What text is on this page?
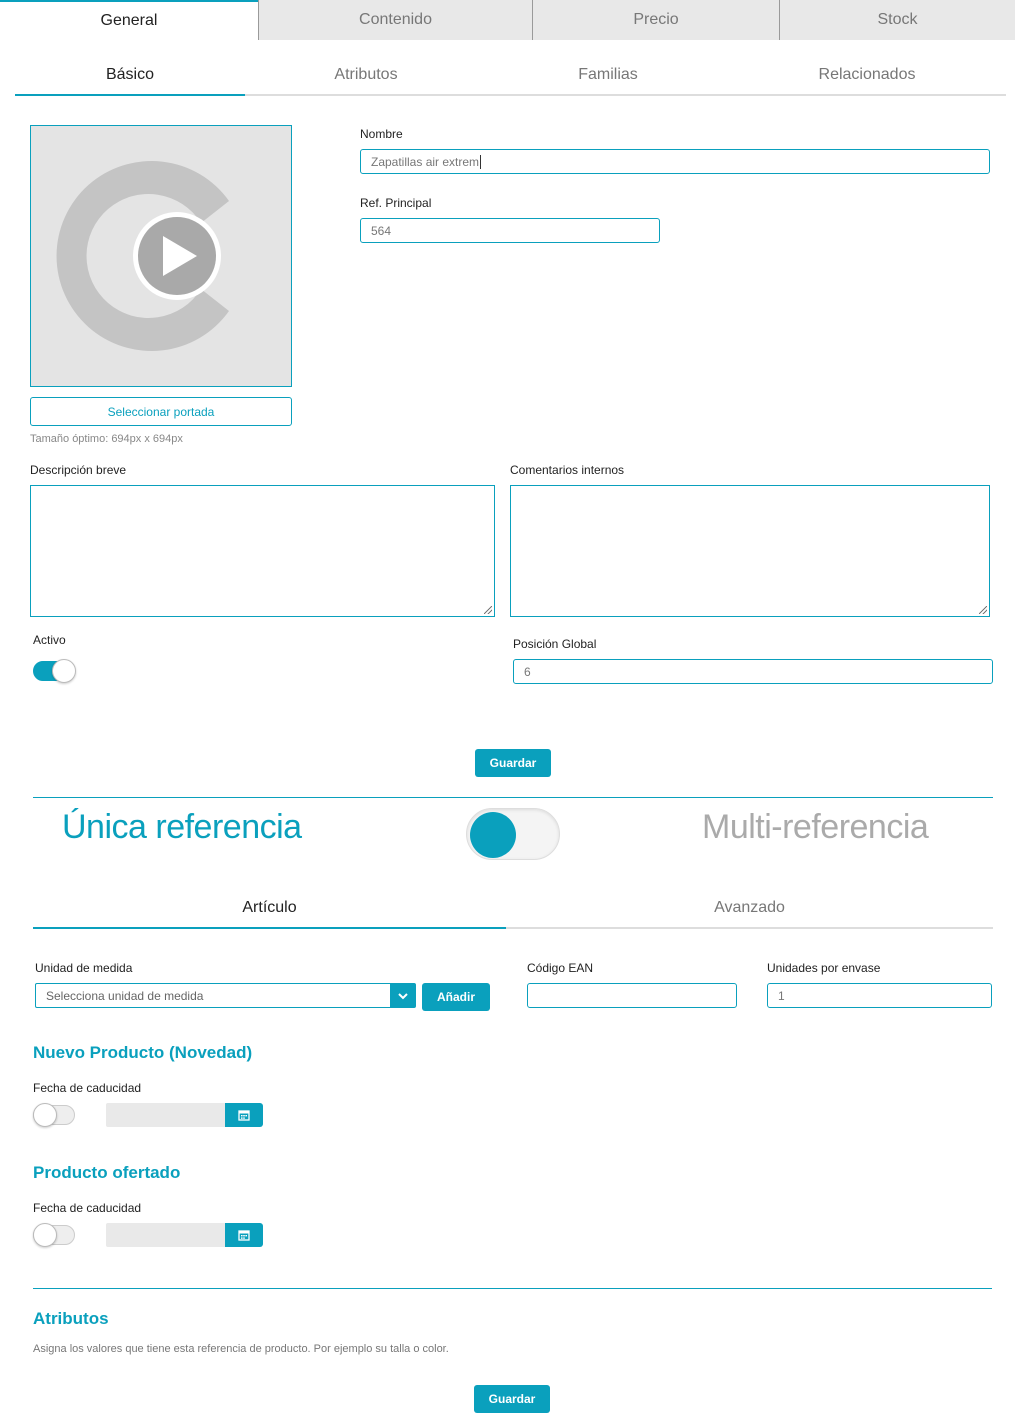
General	Contenido	Precio	Stock
Básico	Atributos	Familias	Relacionados
Seleccionar portada
Tamaño óptimo: 694px x 694px
Nombre
Zapatillas air extrem
Ref. Principal
564
Descripción breve	Comentarios internos
Activo	Posición Global
6
Guardar
Única referencia	Multi-referencia
Artículo	Avanzado
Unidad de medida
Selecciona unidad de medida	Añadir
Código EAN	Unidades por envase
1
Nuevo Producto (Novedad)
Fecha de caducidad
Producto ofertado
Fecha de caducidad
Atributos
Asigna los valores que tiene esta referencia de producto. Por ejemplo su talla o color.
Guardar
